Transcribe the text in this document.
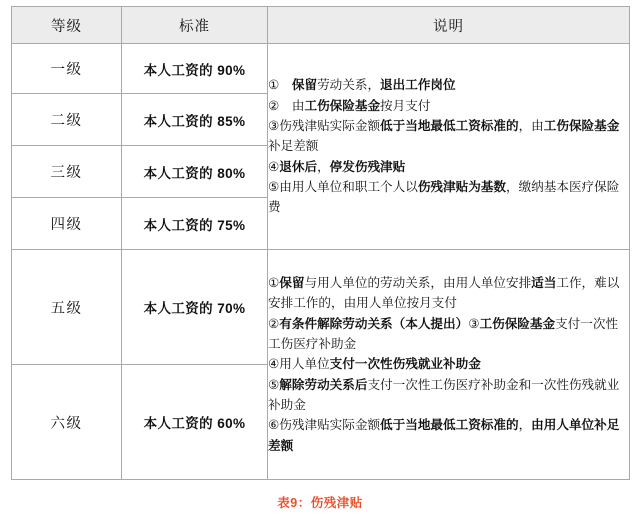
等级	标准	说明
一级	本人工资的 90%	①　保留劳动关系，退出工作岗位
②　由工伤保险基金按月支付
③伤残津贴实际金额低于当地最低工资标准的，由工伤保险基金补足差额
④退休后，停发伤残津贴
⑤由用人单位和职工个人以伤残津贴为基数，缴纳基本医疗保险费

二级	本人工资的 85%	
三级	本人工资的 80%	
四级	本人工资的 75%	
五级	本人工资的 70%	①保留与用人单位的劳动关系，由用人单位安排适当工作，难以安排工作的，由用人单位按月支付
②有条件解除劳动关系（本人提出）③工伤保险基金支付一次性工伤医疗补助金
④用人单位支付一次性伤残就业补助金
⑤解除劳动关系后支付一次性工伤医疗补助金和一次性伤残就业补助金
⑥伤残津贴实际金额低于当地最低工资标准的，由用人单位补足差额

六级	本人工资的 60%	
表9：伤残津贴
